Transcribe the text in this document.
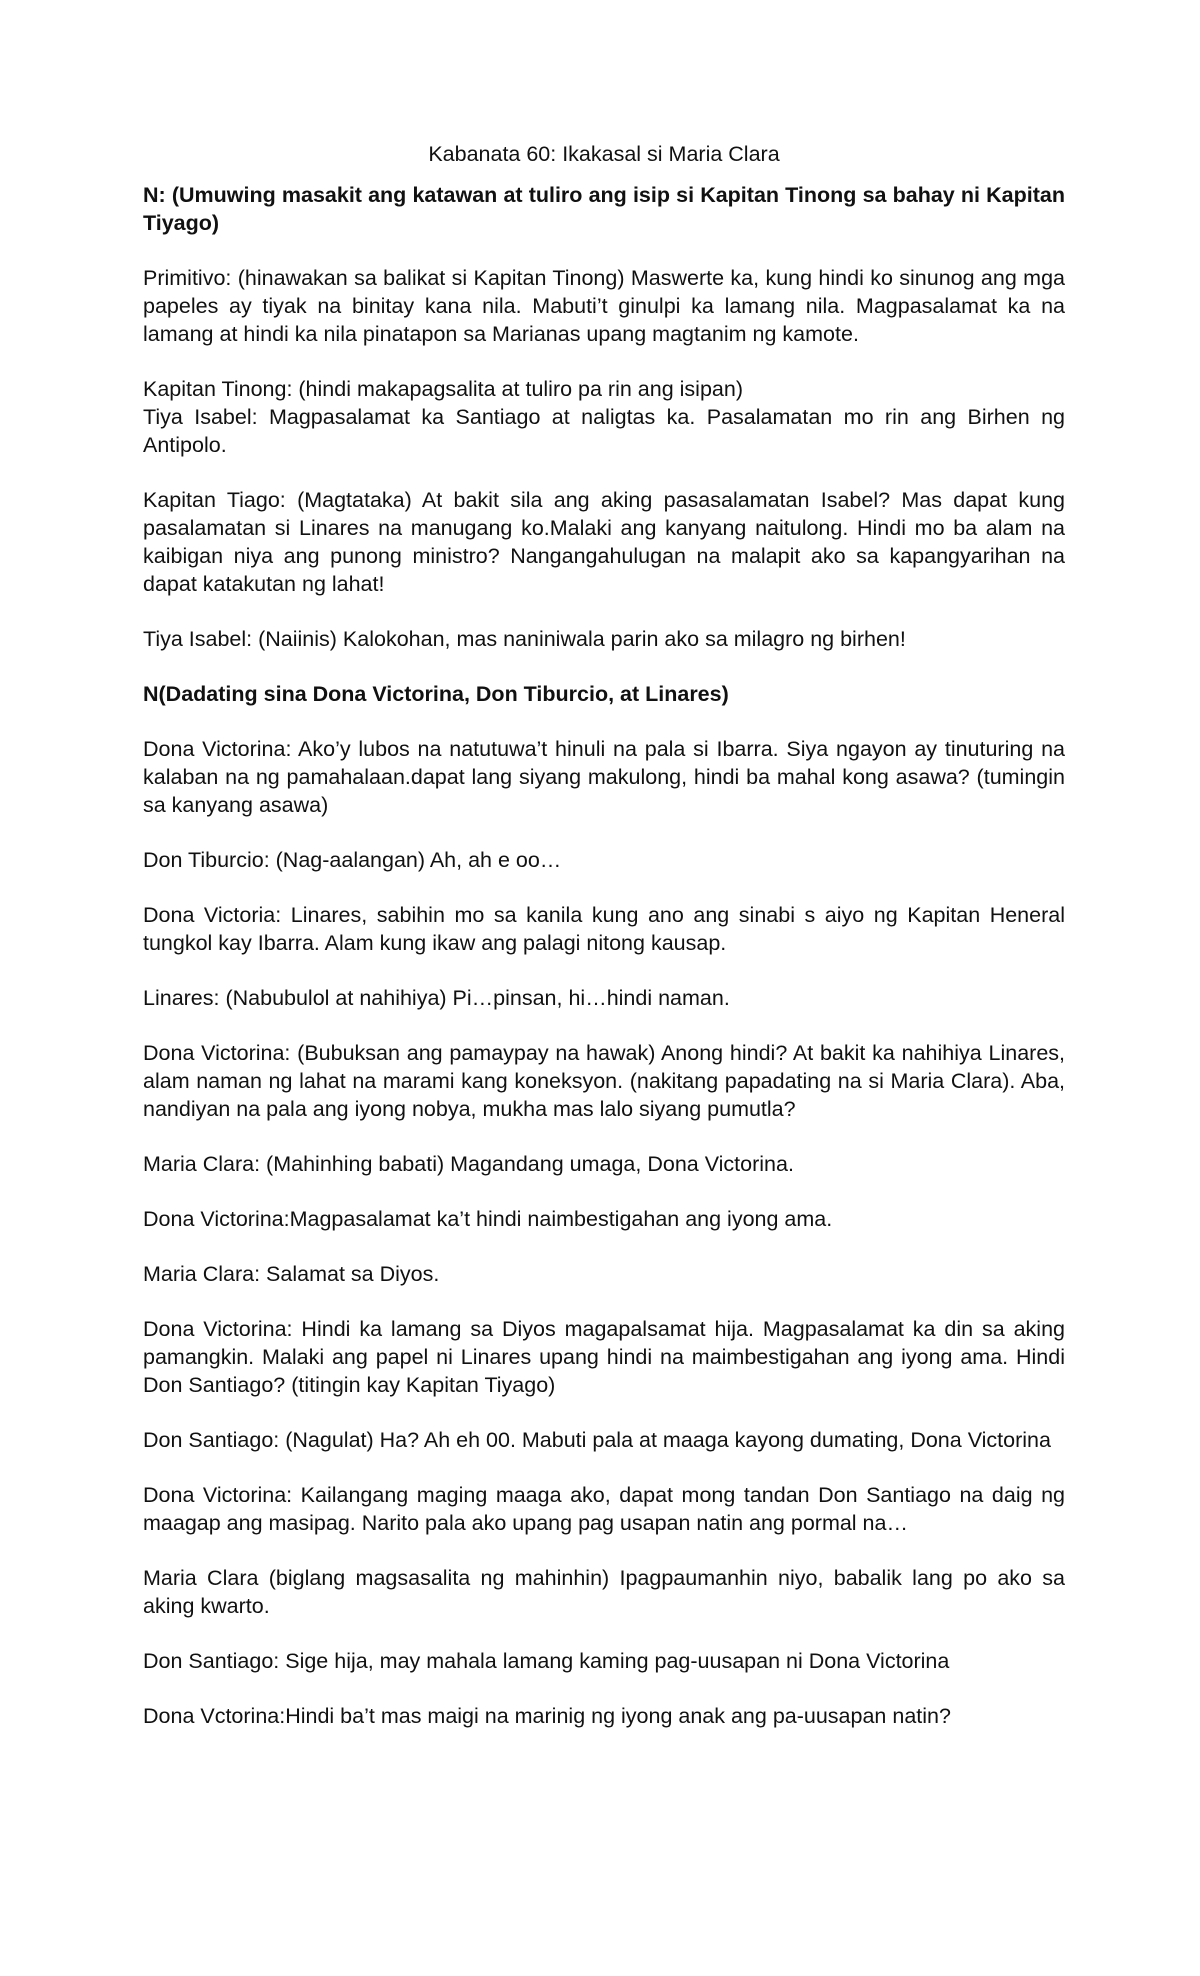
Kabanata 60: Ikakasal si Maria Clara

N: (Umuwing masakit ang katawan at tuliro ang isip si Kapitan Tinong sa bahay ni Kapitan Tiyago)

Primitivo: (hinawakan sa balikat si Kapitan Tinong) Maswerte ka, kung hindi ko sinunog ang mga papeles ay tiyak na binitay kana nila. Mabuti’t ginulpi ka lamang nila. Magpasalamat ka na lamang at hindi ka nila pinatapon sa Marianas upang magtanim ng kamote.

Kapitan Tinong: (hindi makapagsalita at tuliro pa rin ang isipan)

Tiya Isabel: Magpasalamat ka Santiago at naligtas ka. Pasalamatan mo rin ang Birhen ng Antipolo.

Kapitan Tiago: (Magtataka) At bakit sila ang aking pasasalamatan Isabel? Mas dapat kung pasalamatan si Linares na manugang ko.Malaki ang kanyang naitulong. Hindi mo ba alam na kaibigan niya ang punong ministro? Nangangahulugan na malapit ako sa kapangyarihan na dapat katakutan ng lahat!

Tiya Isabel: (Naiinis) Kalokohan, mas naniniwala parin ako sa milagro ng birhen!

N(Dadating sina Dona Victorina, Don Tiburcio, at Linares)

Dona Victorina: Ako’y lubos na natutuwa’t hinuli na pala si Ibarra. Siya ngayon ay tinuturing na kalaban na ng pamahalaan.dapat lang siyang makulong, hindi ba mahal kong asawa? (tumingin sa kanyang asawa)

Don Tiburcio: (Nag-aalangan) Ah, ah e oo…

Dona Victoria: Linares, sabihin mo sa kanila kung ano ang sinabi s aiyo ng Kapitan Heneral tungkol kay Ibarra. Alam kung ikaw ang palagi nitong kausap.

Linares: (Nabubulol at nahihiya) Pi…pinsan, hi…hindi naman.

Dona Victorina: (Bubuksan ang pamaypay na hawak) Anong hindi? At bakit ka nahihiya Linares, alam naman ng lahat na marami kang koneksyon. (nakitang papadating na si Maria Clara). Aba, nandiyan na pala ang iyong nobya, mukha mas lalo siyang pumutla?

Maria Clara: (Mahinhing babati) Magandang umaga, Dona Victorina.

Dona Victorina:Magpasalamat ka’t hindi naimbestigahan ang iyong ama.

Maria Clara: Salamat sa Diyos.

Dona Victorina: Hindi ka lamang sa Diyos magapalsamat hija. Magpasalamat ka din sa aking pamangkin. Malaki ang papel ni Linares upang hindi na maimbestigahan ang iyong ama. Hindi Don Santiago? (titingin kay Kapitan Tiyago)

Don Santiago: (Nagulat) Ha? Ah eh 00. Mabuti pala at maaga kayong dumating, Dona Victorina

Dona Victorina: Kailangang maging maaga ako, dapat mong tandan Don Santiago na daig ng maagap ang masipag. Narito pala ako upang pag usapan natin ang pormal na…

Maria Clara (biglang magsasalita ng mahinhin) Ipagpaumanhin niyo, babalik lang po ako sa aking kwarto.

Don Santiago: Sige hija, may mahala lamang kaming pag-uusapan ni Dona Victorina

Dona Vctorina:Hindi ba’t mas maigi na marinig ng iyong anak ang pa-uusapan natin?
